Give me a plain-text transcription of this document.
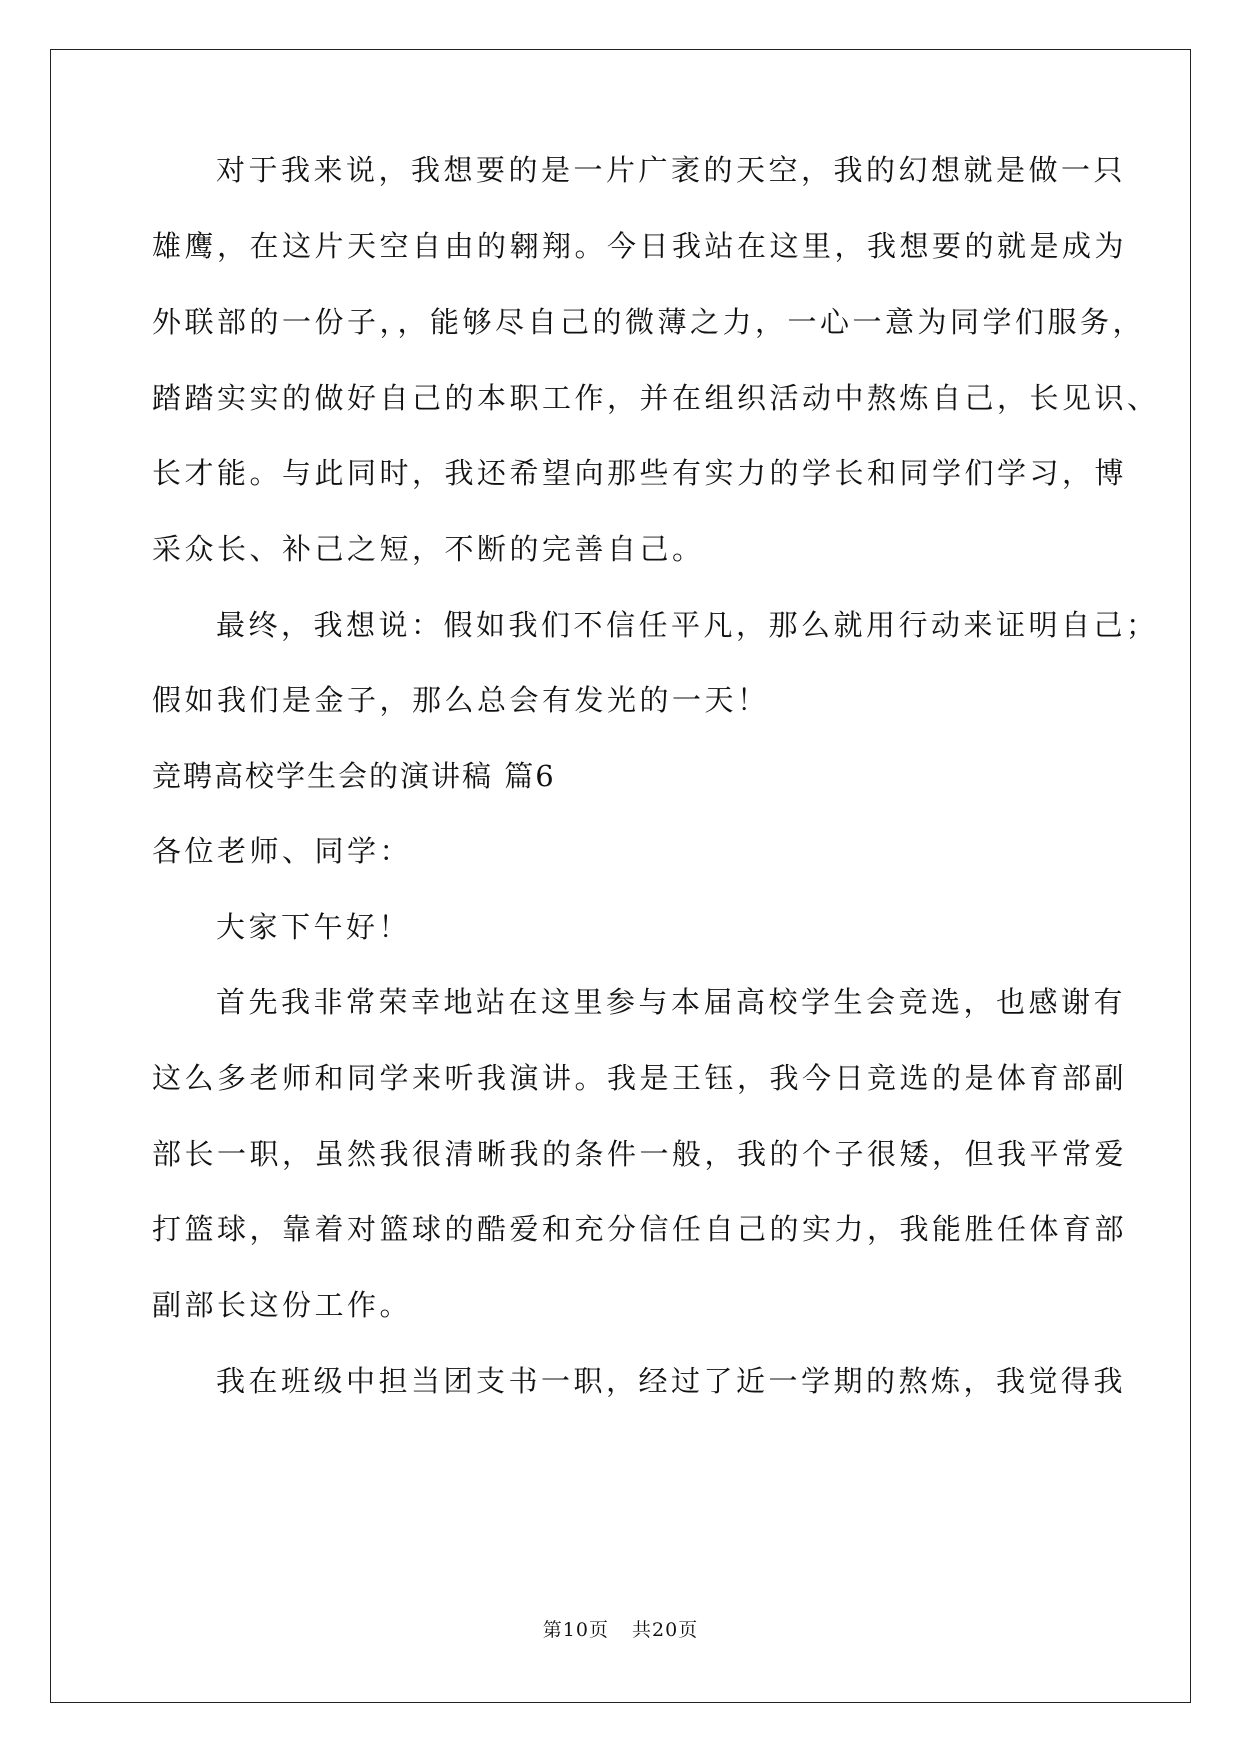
对于我来说，我想要的是一片广袤的天空，我的幻想就是做一只
雄鹰，在这片天空自由的翱翔。今日我站在这里，我想要的就是成为
外联部的一份子，，能够尽自己的微薄之力，一心一意为同学们服务，
踏踏实实的做好自己的本职工作，并在组织活动中熬炼自己，长见识、
长才能。与此同时，我还希望向那些有实力的学长和同学们学习，博
采众长、补己之短，不断的完善自己。
最终，我想说：假如我们不信任平凡，那么就用行动来证明自己；
假如我们是金子，那么总会有发光的一天！
竞聘高校学生会的演讲稿 篇6
各位老师、同学：
大家下午好！
首先我非常荣幸地站在这里参与本届高校学生会竞选，也感谢有
这么多老师和同学来听我演讲。我是王钰，我今日竞选的是体育部副
部长一职，虽然我很清晰我的条件一般，我的个子很矮，但我平常爱
打篮球，靠着对篮球的酷爱和充分信任自己的实力，我能胜任体育部
副部长这份工作。
我在班级中担当团支书一职，经过了近一学期的熬炼，我觉得我
第10页 共20页
